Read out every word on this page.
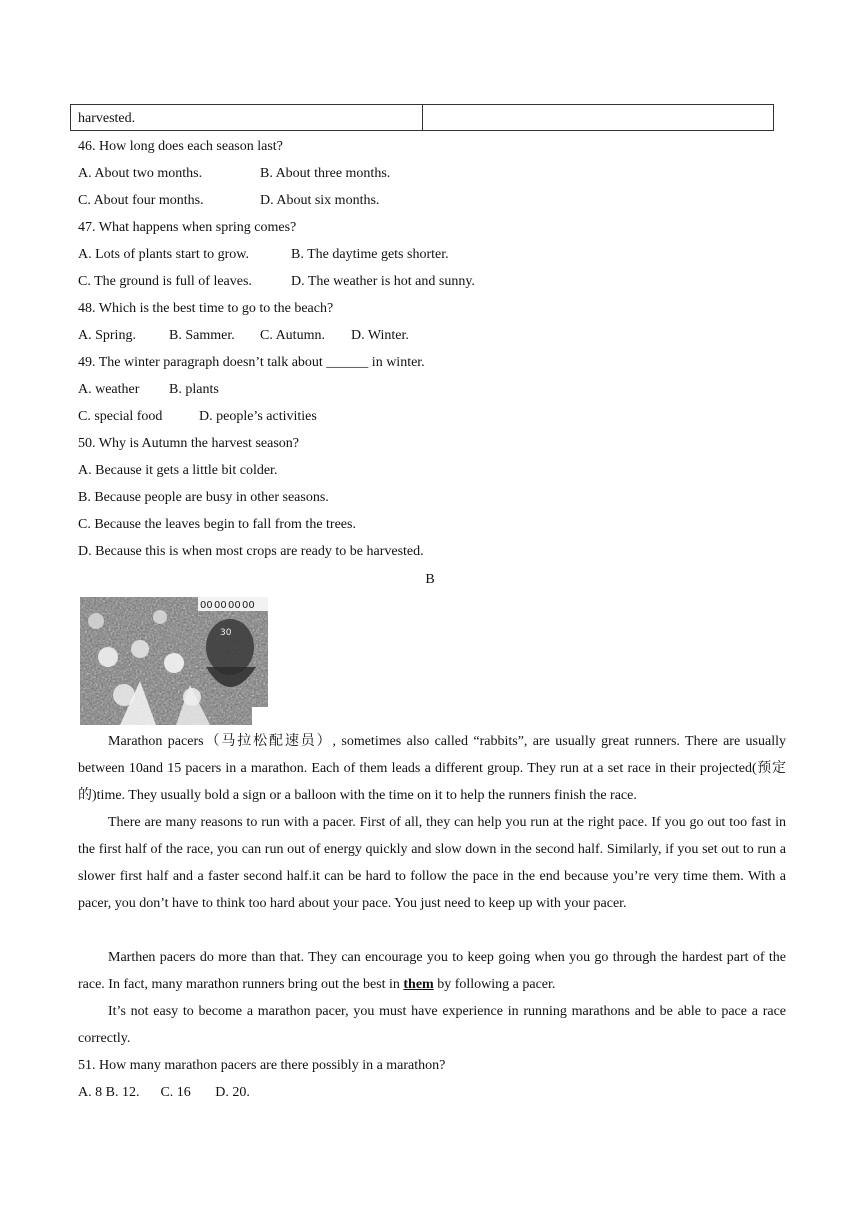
harvested.
46. How long does each season last?
A. About two months.	B. About three months.
C. About four months.	D. About six months.
47. What happens when spring comes?
A. Lots of plants start to grow.	B. The daytime gets shorter.
C. The ground is full of leaves.	D. The weather is hot and sunny.
48. Which is the best time to go to the beach?
A. Spring. B. Sammer. C. Autumn. D. Winter.
49. The winter paragraph doesn’t talk about ______ in winter.
A. weather B. plants
C. special food	D. people’s activities
50. Why is Autumn the harvest season?
A. Because it gets a little bit colder.
B. Because people are busy in other seasons.
C. Because the leaves begin to fall from the trees.
D. Because this is when most crops are ready to be harvested.
B
00 00 00 00
30
Marathon pacers（马拉松配速员）, sometimes also called “rabbits”, are usually great runners. There are usually between 10and 15 pacers in a marathon. Each of them leads a different group. They run at a set race in their projected(预定的)time. They usually bold a sign or a balloon with the time on it to help the runners finish the race.
There are many reasons to run with a pacer. First of all, they can help you run at the right pace. If you go out too fast in the first half of the race, you can run out of energy quickly and slow down in the second half. Similarly, if you set out to run a slower first half and a faster second half.it can be hard to follow the pace in the end because you’re very time them. With a pacer, you don’t have to think too hard about your pace. You just need to keep up with your pacer.
Marthen pacers do more than that. They can encourage you to keep going when you go through the hardest part of the race. In fact, many marathon runners bring out the best in them by following a pacer.
It’s not easy to become a marathon pacer, you must have experience in running marathons and be able to pace a race correctly.
51. How many marathon pacers are there possibly in a marathon?
A. 8 B. 12.      C. 16       D. 20.
